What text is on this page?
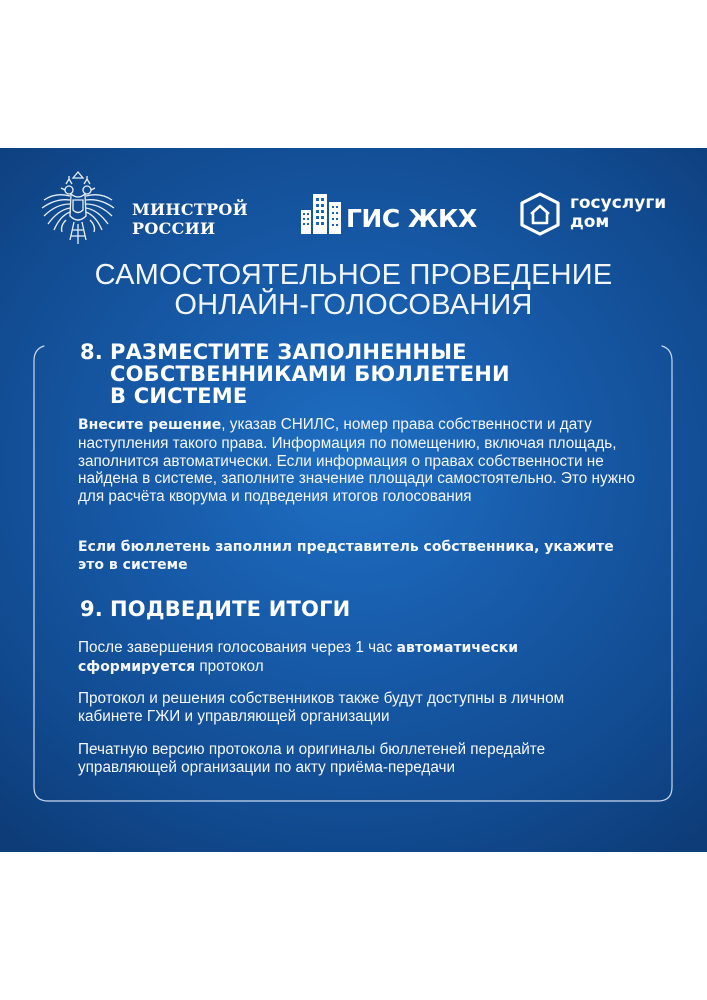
МИНСТРОЙ
РОССИИ	ГИС ЖКХ
госуслуги
дом
САМОСТОЯТЕЛЬНОЕ ПРОВЕДЕНИЕ
ОНЛАЙН-ГОЛОСОВАНИЯ
8. РАЗМЕСТИТЕ ЗАПОЛНЕННЫЕ
СОБСТВЕННИКАМИ БЮЛЛЕТЕНИ
В СИСТЕМЕ
Внесите решение, указав СНИЛС, номер права собственности и дату наступления такого права. Информация по помещению, включая площадь, заполнится автоматически. Если информация о правах собственности не найдена в системе, заполните значение площади самостоятельно. Это нужно для расчёта кворума и подведения итогов голосования
Если бюллетень заполнил представитель собственника, укажите это в системе
9. ПОДВЕДИТЕ ИТОГИ
После завершения голосования через 1 час автоматически сформируется протокол
Протокол и решения собственников также будут доступны в личном кабинете ГЖИ и управляющей организации
Печатную версию протокола и оригиналы бюллетеней передайте управляющей организации по акту приёма-передачи
